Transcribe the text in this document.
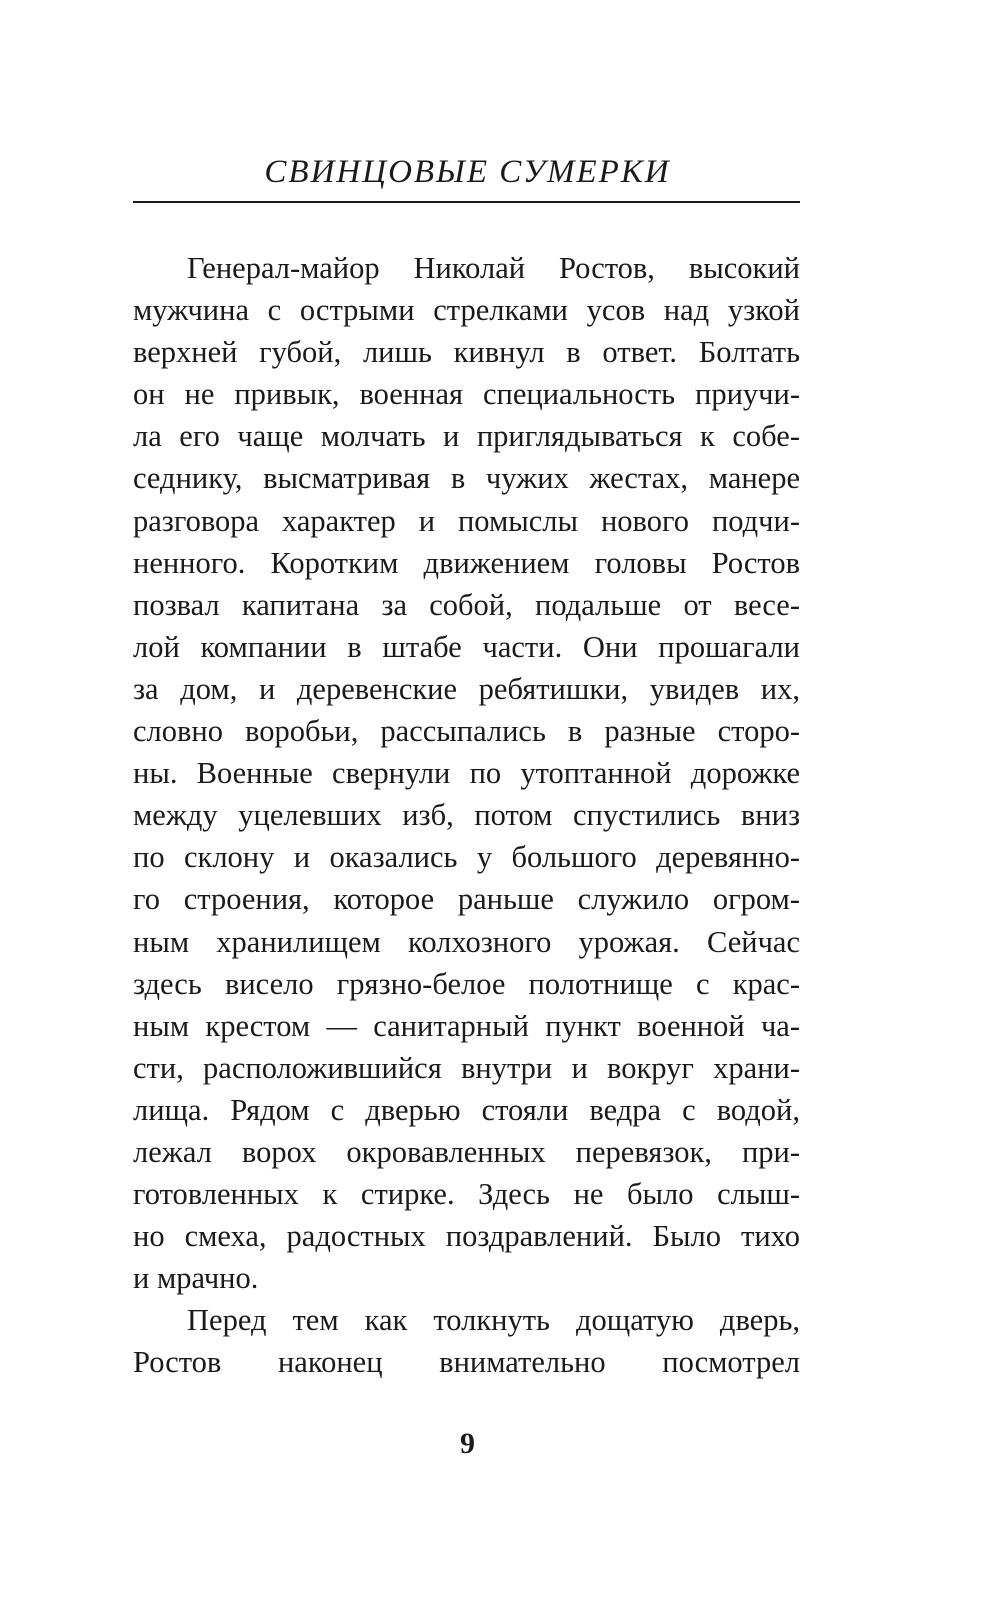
СВИНЦОВЫЕ СУМЕРКИ
Генерал-майор Николай Ростов, высокий
мужчина с острыми стрелками усов над узкой
верхней губой, лишь кивнул в ответ. Болтать
он не привык, военная специальность приучи-
ла его чаще молчать и приглядываться к собе-
седнику, высматривая в чужих жестах, манере
разговора характер и помыслы нового подчи-
ненного. Коротким движением головы Ростов
позвал капитана за собой, подальше от весе-
лой компании в штабе части. Они прошагали
за дом, и деревенские ребятишки, увидев их,
словно воробьи, рассыпались в разные сторо-
ны. Военные свернули по утоптанной дорожке
между уцелевших изб, потом спустились вниз
по склону и оказались у большого деревянно-
го строения, которое раньше служило огром-
ным хранилищем колхозного урожая. Сейчас
здесь висело грязно-белое полотнище с крас-
ным крестом — санитарный пункт военной ча-
сти, расположившийся внутри и вокруг храни-
лища. Рядом с дверью стояли ведра с водой,
лежал ворох окровавленных перевязок, при-
готовленных к стирке. Здесь не было слыш-
но смеха, радостных поздравлений. Было тихо
и мрачно.
Перед тем как толкнуть дощатую дверь,
Ростов наконец внимательно посмотрел
9
